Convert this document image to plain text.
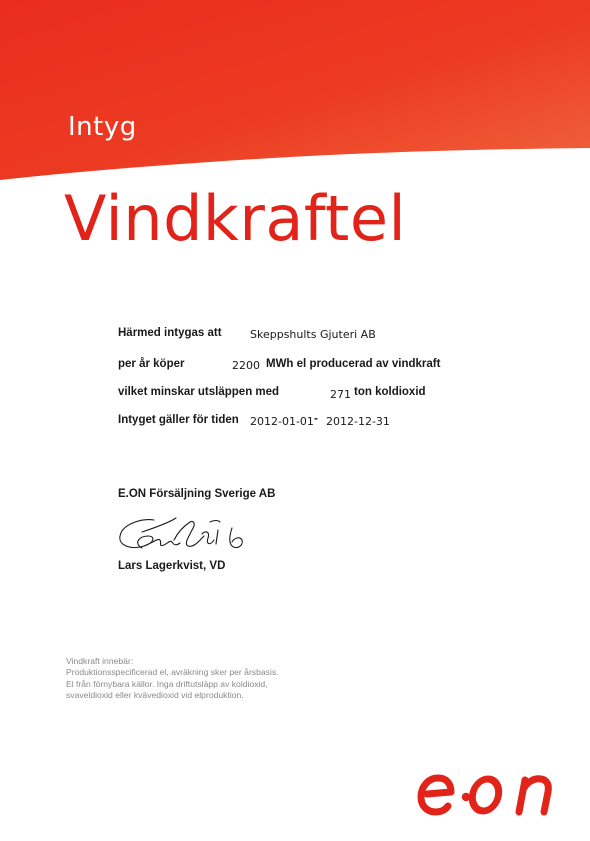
Intyg
Vindkraftel
Härmed intygas att	Skeppshults Gjuteri AB
per år köper	2200 MWh el producerad av vindkraft
vilket minskar utsläppen med	271 ton koldioxid
Intyget gäller för tiden 2012-01-01 - 2012-12-31
E.ON Försäljning Sverige AB
Lars Lagerkvist, VD
Vindkraft innebär:
Produktionsspecificerad el, avräkning sker per årsbasis.
El från förnybara källor. Inga driftutsläpp av koldioxid,
svaveldioxid eller kvävedioxid vid elproduktion.
